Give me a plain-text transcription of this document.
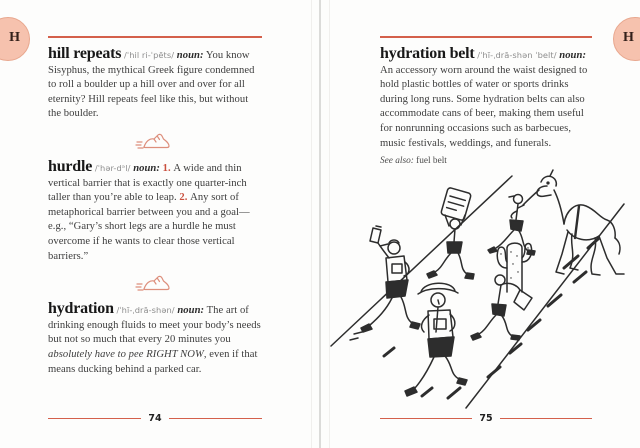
hill repeats /ˈhil ri-ˈpēts/ noun: You know Sisyphus, the mythical Greek figure condemned to roll a boulder up a hill over and over for all eternity? Hill repeats feel like this, but without the boulder.

hurdle /ˈhər-dᵊl/ noun: 1. A wide and thin vertical barrier that is exactly one quarter-inch taller than you’re able to leap. 2. Any sort of metaphorical barrier between you and a goal—e.g., “Gary’s short legs are a hurdle he must overcome if he wants to clear those vertical barriers.”

hydration /ˈhī-ˌdrā-shən/ noun: The art of drinking enough fluids to meet your body’s needs but not so much that every 20 minutes you absolutely have to pee RIGHT NOW, even if that means ducking behind a parked car.

74

hydration belt /ˈhī-ˌdrā-shən ˈbelt/ noun: An accessory worn around the waist designed to hold plastic bottles of water or sports drinks during long runs. Some hydration belts can also accommodate cans of beer, making them useful for nonrunning occasions such as barbecues, music festivals, weddings, and funerals.

See also: fuel belt

75
H	H
